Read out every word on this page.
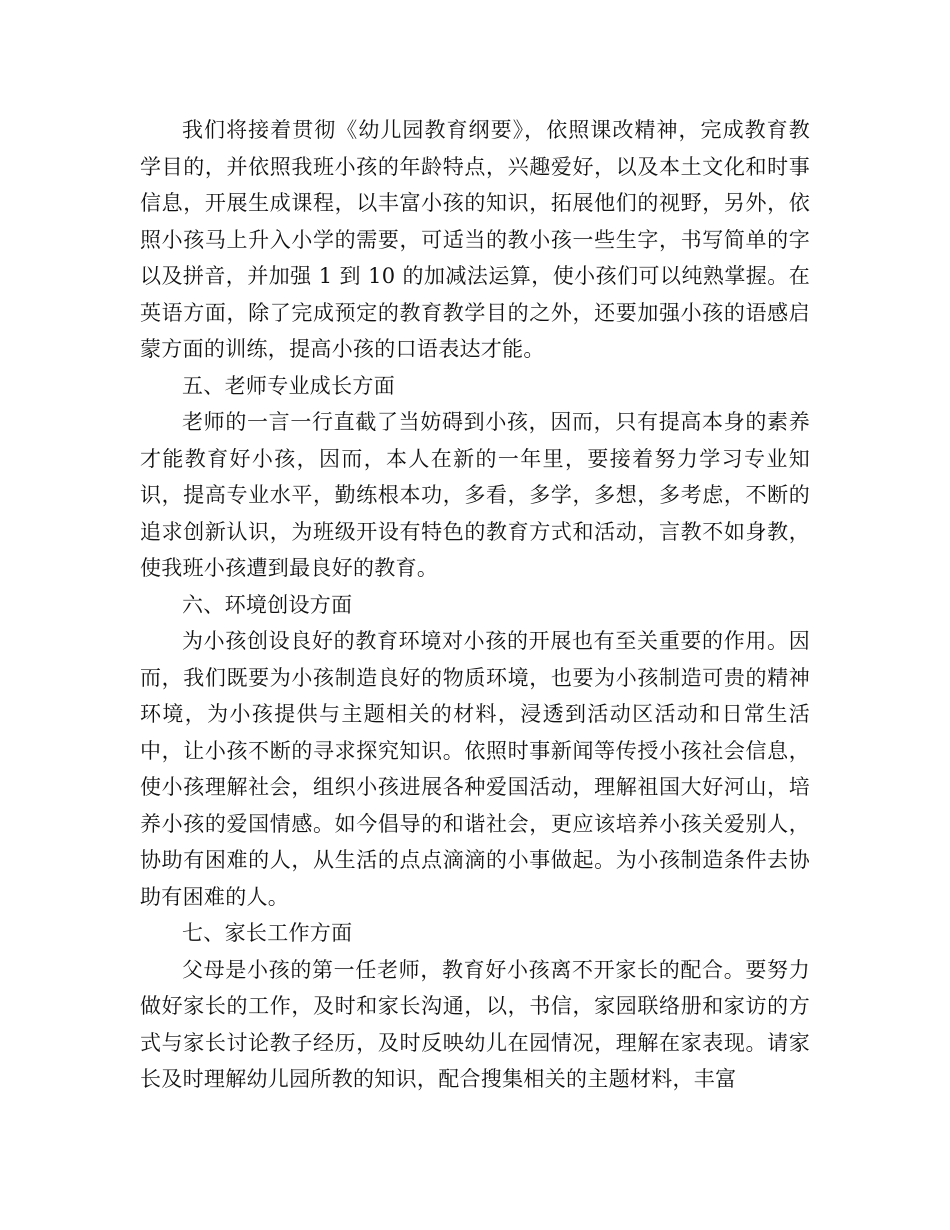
我们将接着贯彻《幼儿园教育纲要》，依照课改精神，完成教育教学目的，并依照我班小孩的年龄特点，兴趣爱好，以及本土文化和时事信息，开展生成课程，以丰富小孩的知识，拓展他们的视野，另外，依照小孩马上升入小学的需要，可适当的教小孩一些生字，书写简单的字以及拼音，并加强 1 到 10 的加减法运算，使小孩们可以纯熟掌握。在英语方面，除了完成预定的教育教学目的之外，还要加强小孩的语感启蒙方面的训练，提高小孩的口语表达才能。

五、老师专业成长方面

老师的一言一行直截了当妨碍到小孩，因而，只有提高本身的素养才能教育好小孩，因而，本人在新的一年里，要接着努力学习专业知识，提高专业水平，勤练根本功，多看，多学，多想，多考虑，不断的追求创新认识，为班级开设有特色的教育方式和活动，言教不如身教，使我班小孩遭到最良好的教育。

六、环境创设方面

为小孩创设良好的教育环境对小孩的开展也有至关重要的作用。因而，我们既要为小孩制造良好的物质环境，也要为小孩制造可贵的精神环境，为小孩提供与主题相关的材料，浸透到活动区活动和日常生活中，让小孩不断的寻求探究知识。依照时事新闻等传授小孩社会信息，使小孩理解社会，组织小孩进展各种爱国活动，理解祖国大好河山，培养小孩的爱国情感。如今倡导的和谐社会，更应该培养小孩关爱别人，协助有困难的人，从生活的点点滴滴的小事做起。为小孩制造条件去协助有困难的人。

七、家长工作方面

父母是小孩的第一任老师，教育好小孩离不开家长的配合。要努力做好家长的工作，及时和家长沟通，以，书信，家园联络册和家访的方式与家长讨论教子经历，及时反映幼儿在园情况，理解在家表现。请家长及时理解幼儿园所教的知识，配合搜集相关的主题材料，丰富
